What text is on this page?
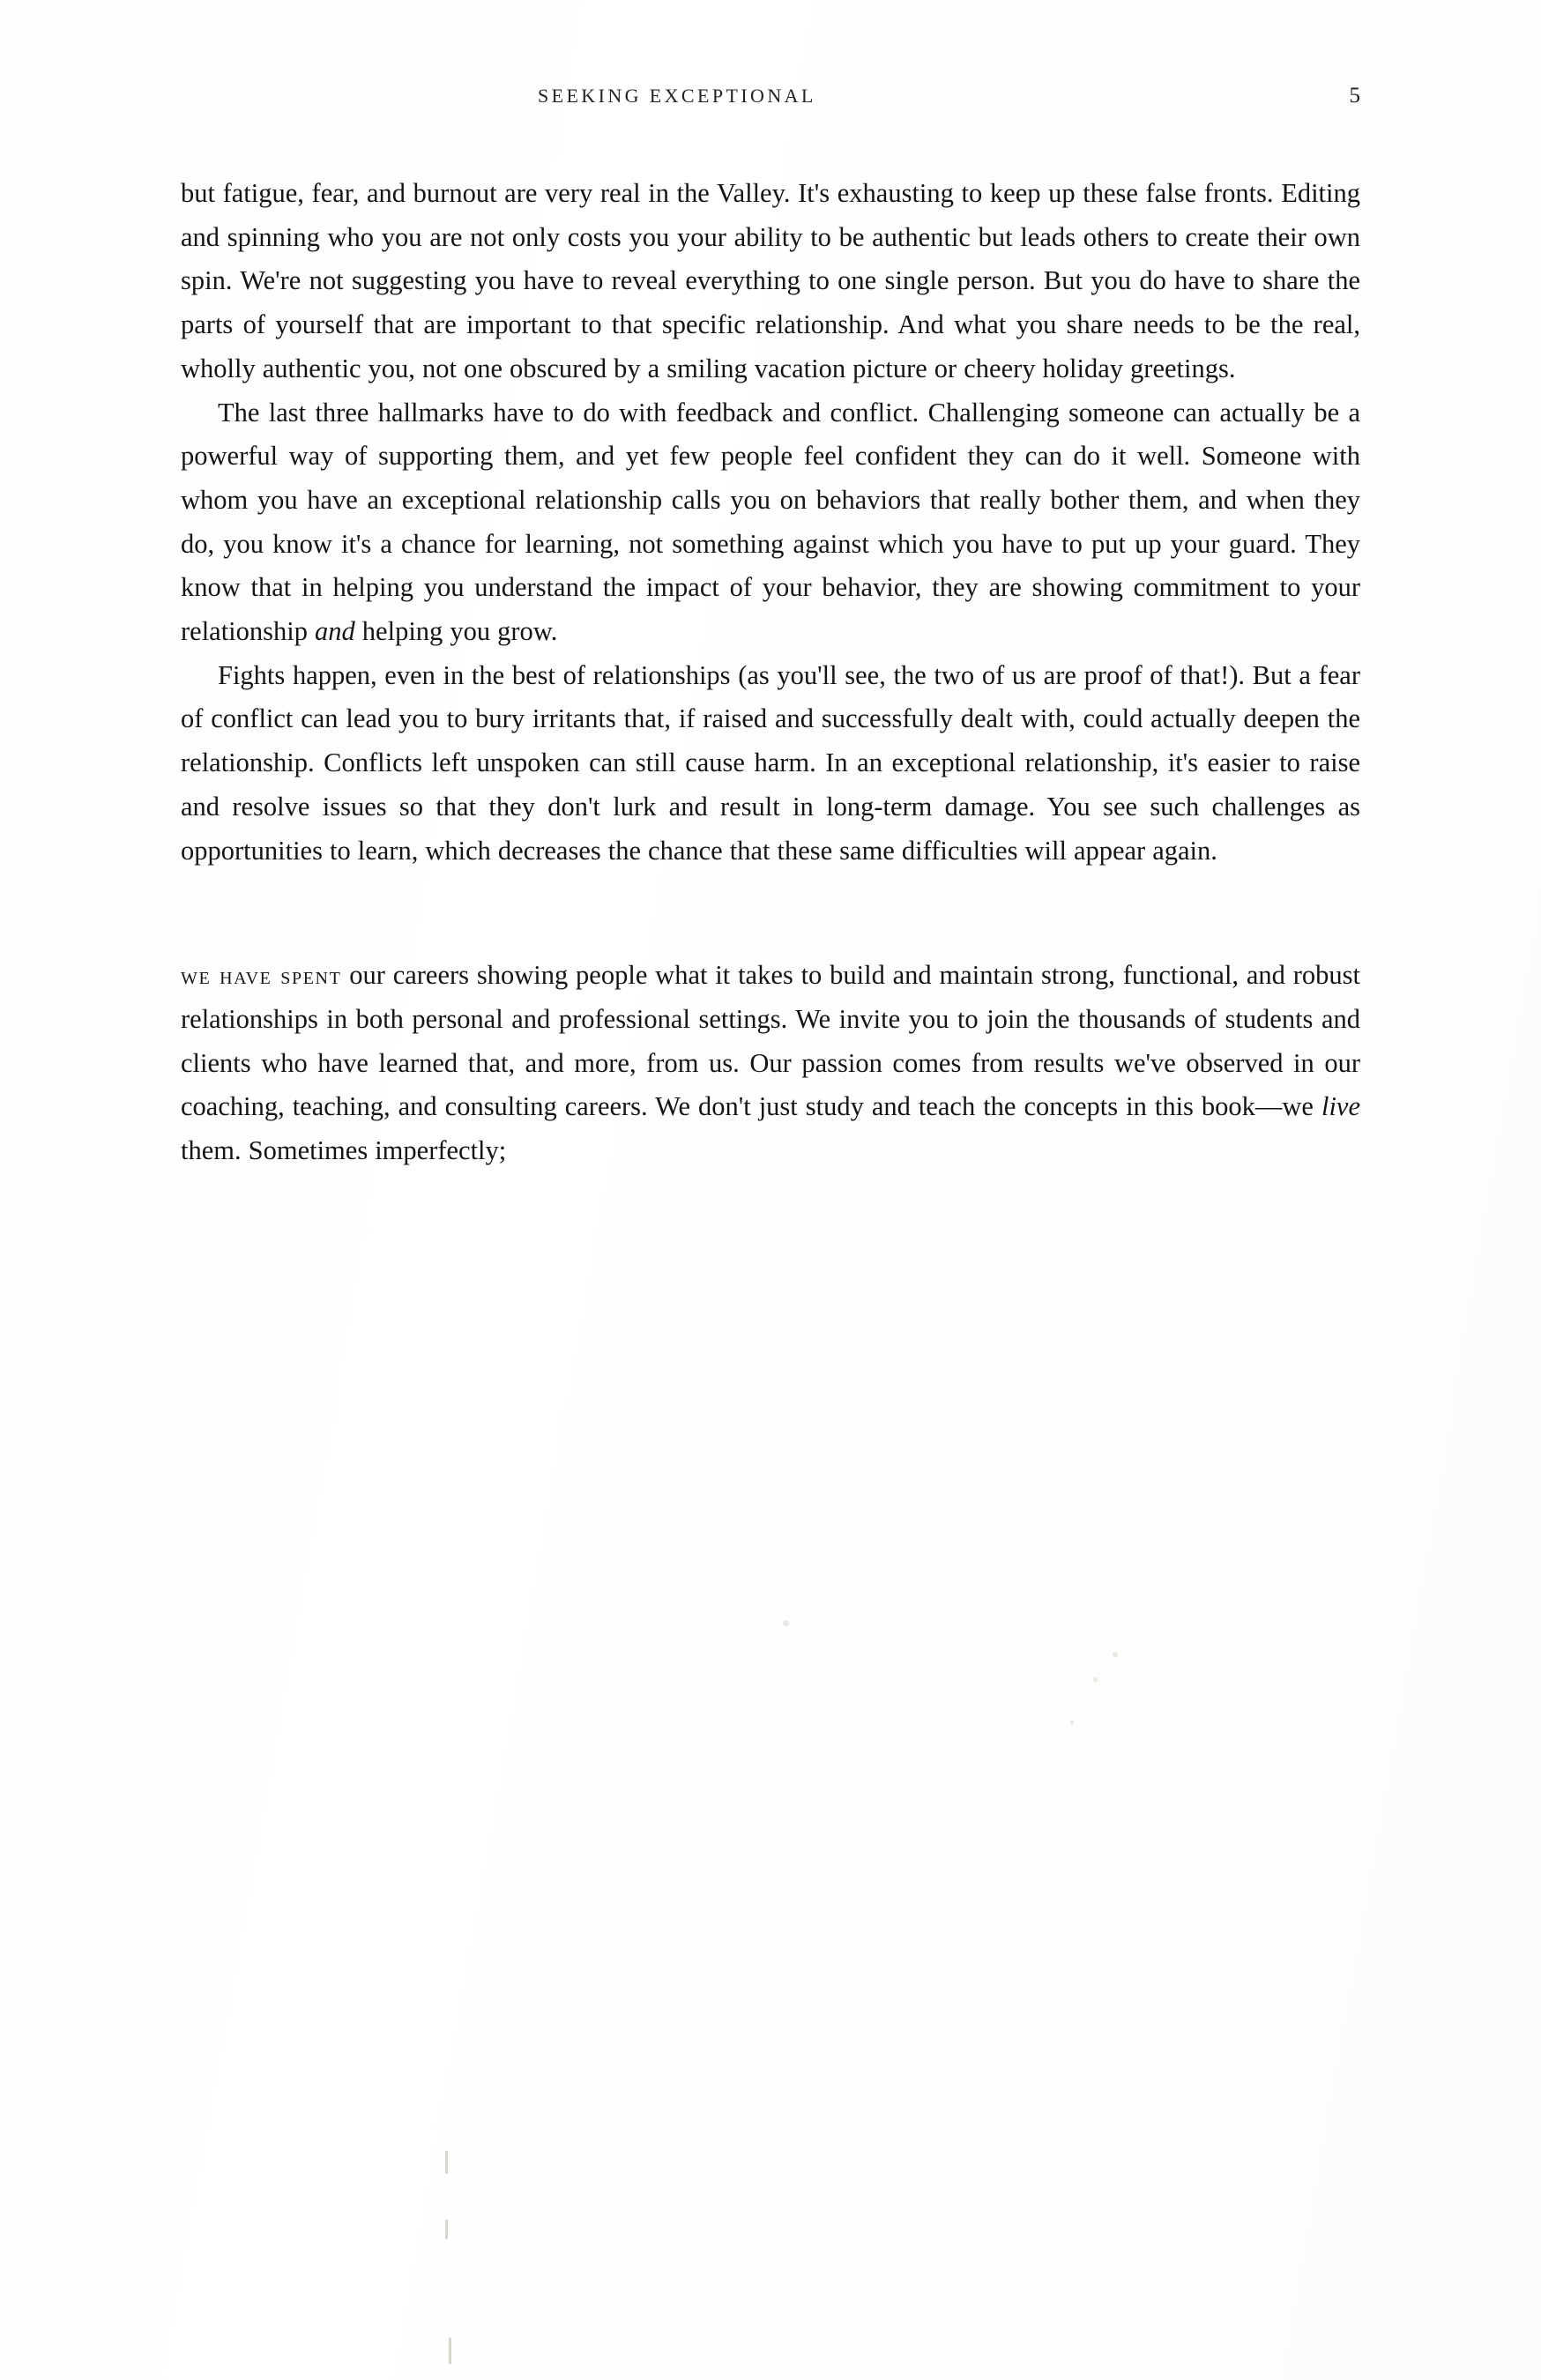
SEEKING EXCEPTIONAL	5

but fatigue, fear, and burnout are very real in the Valley. It's exhausting to keep up these false fronts. Editing and spinning who you are not only costs you your ability to be authentic but leads others to create their own spin. We're not suggesting you have to reveal everything to one single person. But you do have to share the parts of yourself that are important to that specific relationship. And what you share needs to be the real, wholly authentic you, not one obscured by a smiling vacation picture or cheery holiday greetings.

The last three hallmarks have to do with feedback and conflict. Challenging someone can actually be a powerful way of supporting them, and yet few people feel confident they can do it well. Someone with whom you have an exceptional relationship calls you on behaviors that really bother them, and when they do, you know it's a chance for learning, not something against which you have to put up your guard. They know that in helping you understand the impact of your behavior, they are showing commitment to your relationship and helping you grow.

Fights happen, even in the best of relationships (as you'll see, the two of us are proof of that!). But a fear of conflict can lead you to bury irritants that, if raised and successfully dealt with, could actually deepen the relationship. Conflicts left unspoken can still cause harm. In an exceptional relationship, it's easier to raise and resolve issues so that they don't lurk and result in long-term damage. You see such challenges as opportunities to learn, which decreases the chance that these same difficulties will appear again.

we have spent our careers showing people what it takes to build and maintain strong, functional, and robust relationships in both personal and professional settings. We invite you to join the thousands of students and clients who have learned that, and more, from us. Our passion comes from results we've observed in our coaching, teaching, and consulting careers. We don't just study and teach the concepts in this book—we live them. Sometimes imperfectly;
